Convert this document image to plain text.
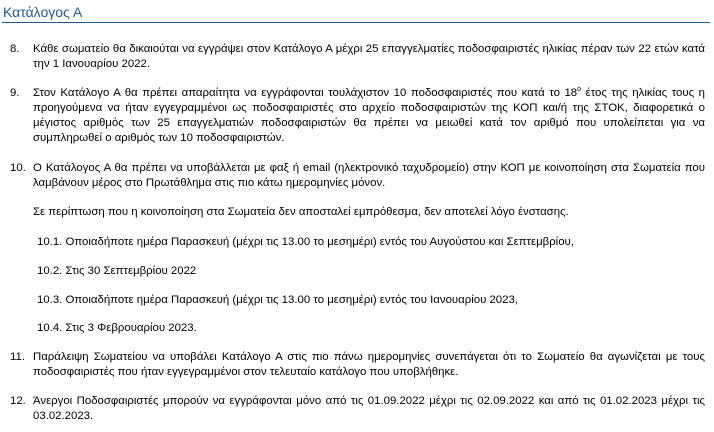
Κατάλογος Α
8. Κάθε σωματείο θα δικαιούται να εγγράψει στον Κατάλογο Α μέχρι 25 επαγγελματίες ποδοσφαιριστές ηλικίας πέραν των 22 ετών κατά την 1 Ιανουαρίου 2022.
9. Στον Κατάλογο Α θα πρέπει απαραίτητα να εγγράφονται τουλάχιστον 10 ποδοσφαιριστές που κατά το $18^o$ έτος της ηλικίας τους η προηγούμενα να ήταν εγγεγραμμένοι ως ποδοσφαιριστές στο αρχείο ποδοσφαιριστών της ΚΟΠ και/ή της ΣΤΟΚ, διαφορετικά ο μέγιστος αριθμός των 25 επαγγελματιών ποδοσφαιριστών θα πρέπει να μειωθεί κατά τον αριθμό που υπολείπεται για να συμπληρωθεί ο αριθμός των 10 ποδοσφαιριστών.
10. Ο Κατάλογος Α θα πρέπει να υποβάλλεται με φαξ ή email (ηλεκτρονικό ταχυδρομείο) στην ΚΟΠ με κοινοποίηση στα Σωματεία που λαμβάνουν μέρος στο Πρωτάθλημα στις πιο κάτω ημερομηνίες μόνον.
Σε περίπτωση που η κοινοποίηση στα Σωματεία δεν αποσταλεί εμπρόθεσμα, δεν αποτελεί λόγο ένστασης.
10.1. Οποιαδήποτε ημέρα Παρασκευή (μέχρι τις 13.00 το μεσημέρι) εντός του Αυγούστου και Σεπτεμβρίου,
10.2. Στις 30 Σεπτεμβρίου 2022
10.3. Οποιαδήποτε ημέρα Παρασκευή (μέχρι τις 13.00 το μεσημέρι) εντός του Ιανουαρίου 2023,
10.4. Στις 3 Φεβρουαρίου 2023.
11. Παράλειψη Σωματείου να υποβάλει Κατάλογο Α στις πιο πάνω ημερομηνίες συνεπάγεται ότι το Σωματείο θα αγωνίζεται με τους ποδοσφαιριστές που ήταν εγγεγραμμένοι στον τελευταίο κατάλογο που υποβλήθηκε.
12. Άνεργοι Ποδοσφαιριστές μπορούν να εγγράφονται μόνο από τις 01.09.2022 μέχρι τις 02.09.2022 και από τις 01.02.2023 μέχρι τις 03.02.2023.
